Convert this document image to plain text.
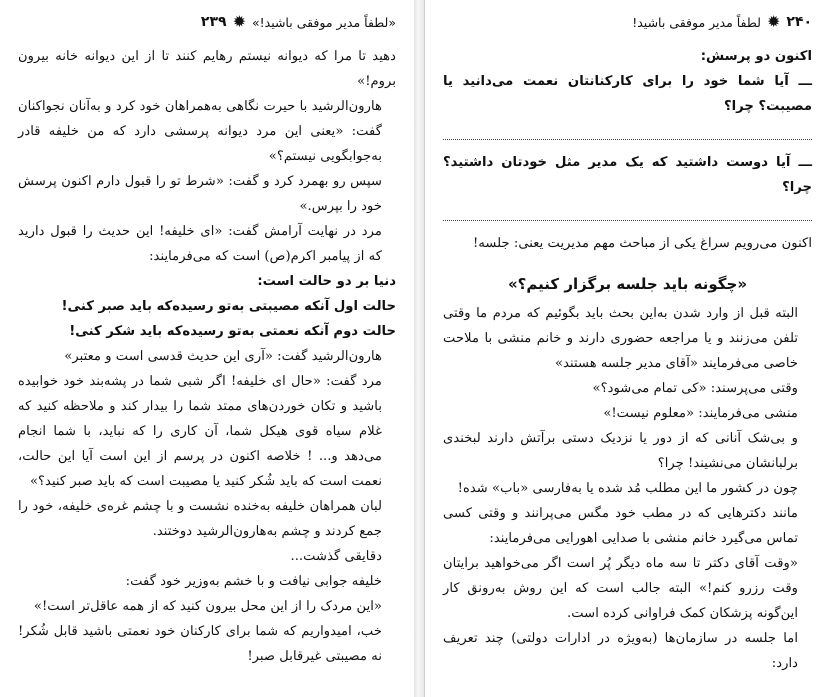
۲۳۹ ✹ «لطفاً مدیر موفقی باشید!»

دهید تا مرا که دیوانه نیستم رهایم کنند تا از این دیوانه خانه بیرون بروم!»

هارون‌الرشید با حیرت نگاهی به‌همراهان خود کرد و به‌آنان نجواکنان گفت: «یعنی این مرد دیوانه پرسشی دارد که من خلیفه قادر به‌جوابگویی نیستم؟»

سپس رو بهمرد کرد و گفت: «شرط تو را قبول دارم اکنون پرسش خود را بپرس.»

مرد در نهایت آرامش گفت: «ای خلیفه! این حدیث را قبول دارید که از پیامبر اکرم(ص) است که می‌فرمایند:

دنیا بر دو حالت است:

حالت اول آنکه مصیبتی به‌تو رسیده‌که باید صبر کنی!

حالت دوم آنکه نعمتی به‌تو رسیده‌که باید شکر کنی!

هارون‌الرشید گفت: «آری این حدیث قدسی است و معتبر»

مرد گفت: «حال ای خلیفه! اگر شبی شما در پشه‌بند خود خوابیده باشید و تکان خوردن‌های ممتد شما را بیدار کند و ملاحظه کنید که غلام سیاه قوی هیکل شما، آن کاری را که نباید، با شما انجام می‌دهد و... ! خلاصه اکنون در پرسم از این است آیا این حالت، نعمت است که باید شُکر کنید یا مصیبت است که باید صبر کنید؟»

لبان همراهان خلیفه به‌خنده نشست و با چشم غره‌ی خلیفه، خود را جمع کردند و چشم به‌هارون‌الرشید دوختند.

دقایقی گذشت...

خلیفه جوابی نیافت و با خشم به‌وزیر خود گفت:

«این مردک را از این محل بیرون کنید که از همه عاقل‌تر است!»

خب، امیدواریم که شما برای کارکنان خود نعمتی باشید قابل شُکر! نه مصیبتی غیرقابل صبر!

۲۴۰
✹
لطفاً مدیر موفقی باشید!

اکنون دو پرسش:

ـــ آیا شما خود را برای کارکنانتان نعمت می‌دانید یا مصیبت؟ چرا؟

ـــ آیا دوست داشتید که یک مدیر مثل خودتان داشتید؟ چرا؟

اکنون می‌رویم سراغ یکی از مباحث مهم مدیریت یعنی: جلسه!

«چگونه باید جلسه برگزار کنیم؟»

البته قبل از وارد شدن به‌این بحث باید بگوئیم که مردم ما وقتی تلفن می‌زنند و یا مراجعه حضوری دارند و خانم منشی با ملاحت خاصی می‌فرمایند «آقای مدیر جلسه هستند»

وقتی می‌پرسند: «کی تمام می‌شود؟»

منشی می‌فرمایند: «معلوم نیست!»

و بی‌شک آنانی که از دور یا نزدیک دستی برآتش دارند لبخندی برلبانشان می‌نشیند! چرا؟

چون در کشور ما این مطلب مُد شده یا به‌فارسی «باب» شده!

مانند دکترهایی که در مطب خود مگس می‌پرانند و وقتی کسی تماس می‌گیرد خانم منشی با صدایی اهورایی می‌فرمایند:

«وقت آقای دکتر تا سه ماه دیگر پُر است اگر می‌خواهید برایتان وقت رزرو کنم!» البته جالب است که این روش به‌رونق کار این‌گونه پزشکان کمک فراوانی کرده است.

اما جلسه در سازمان‌ها (به‌ویژه در ادارات دولتی) چند تعریف دارد:
